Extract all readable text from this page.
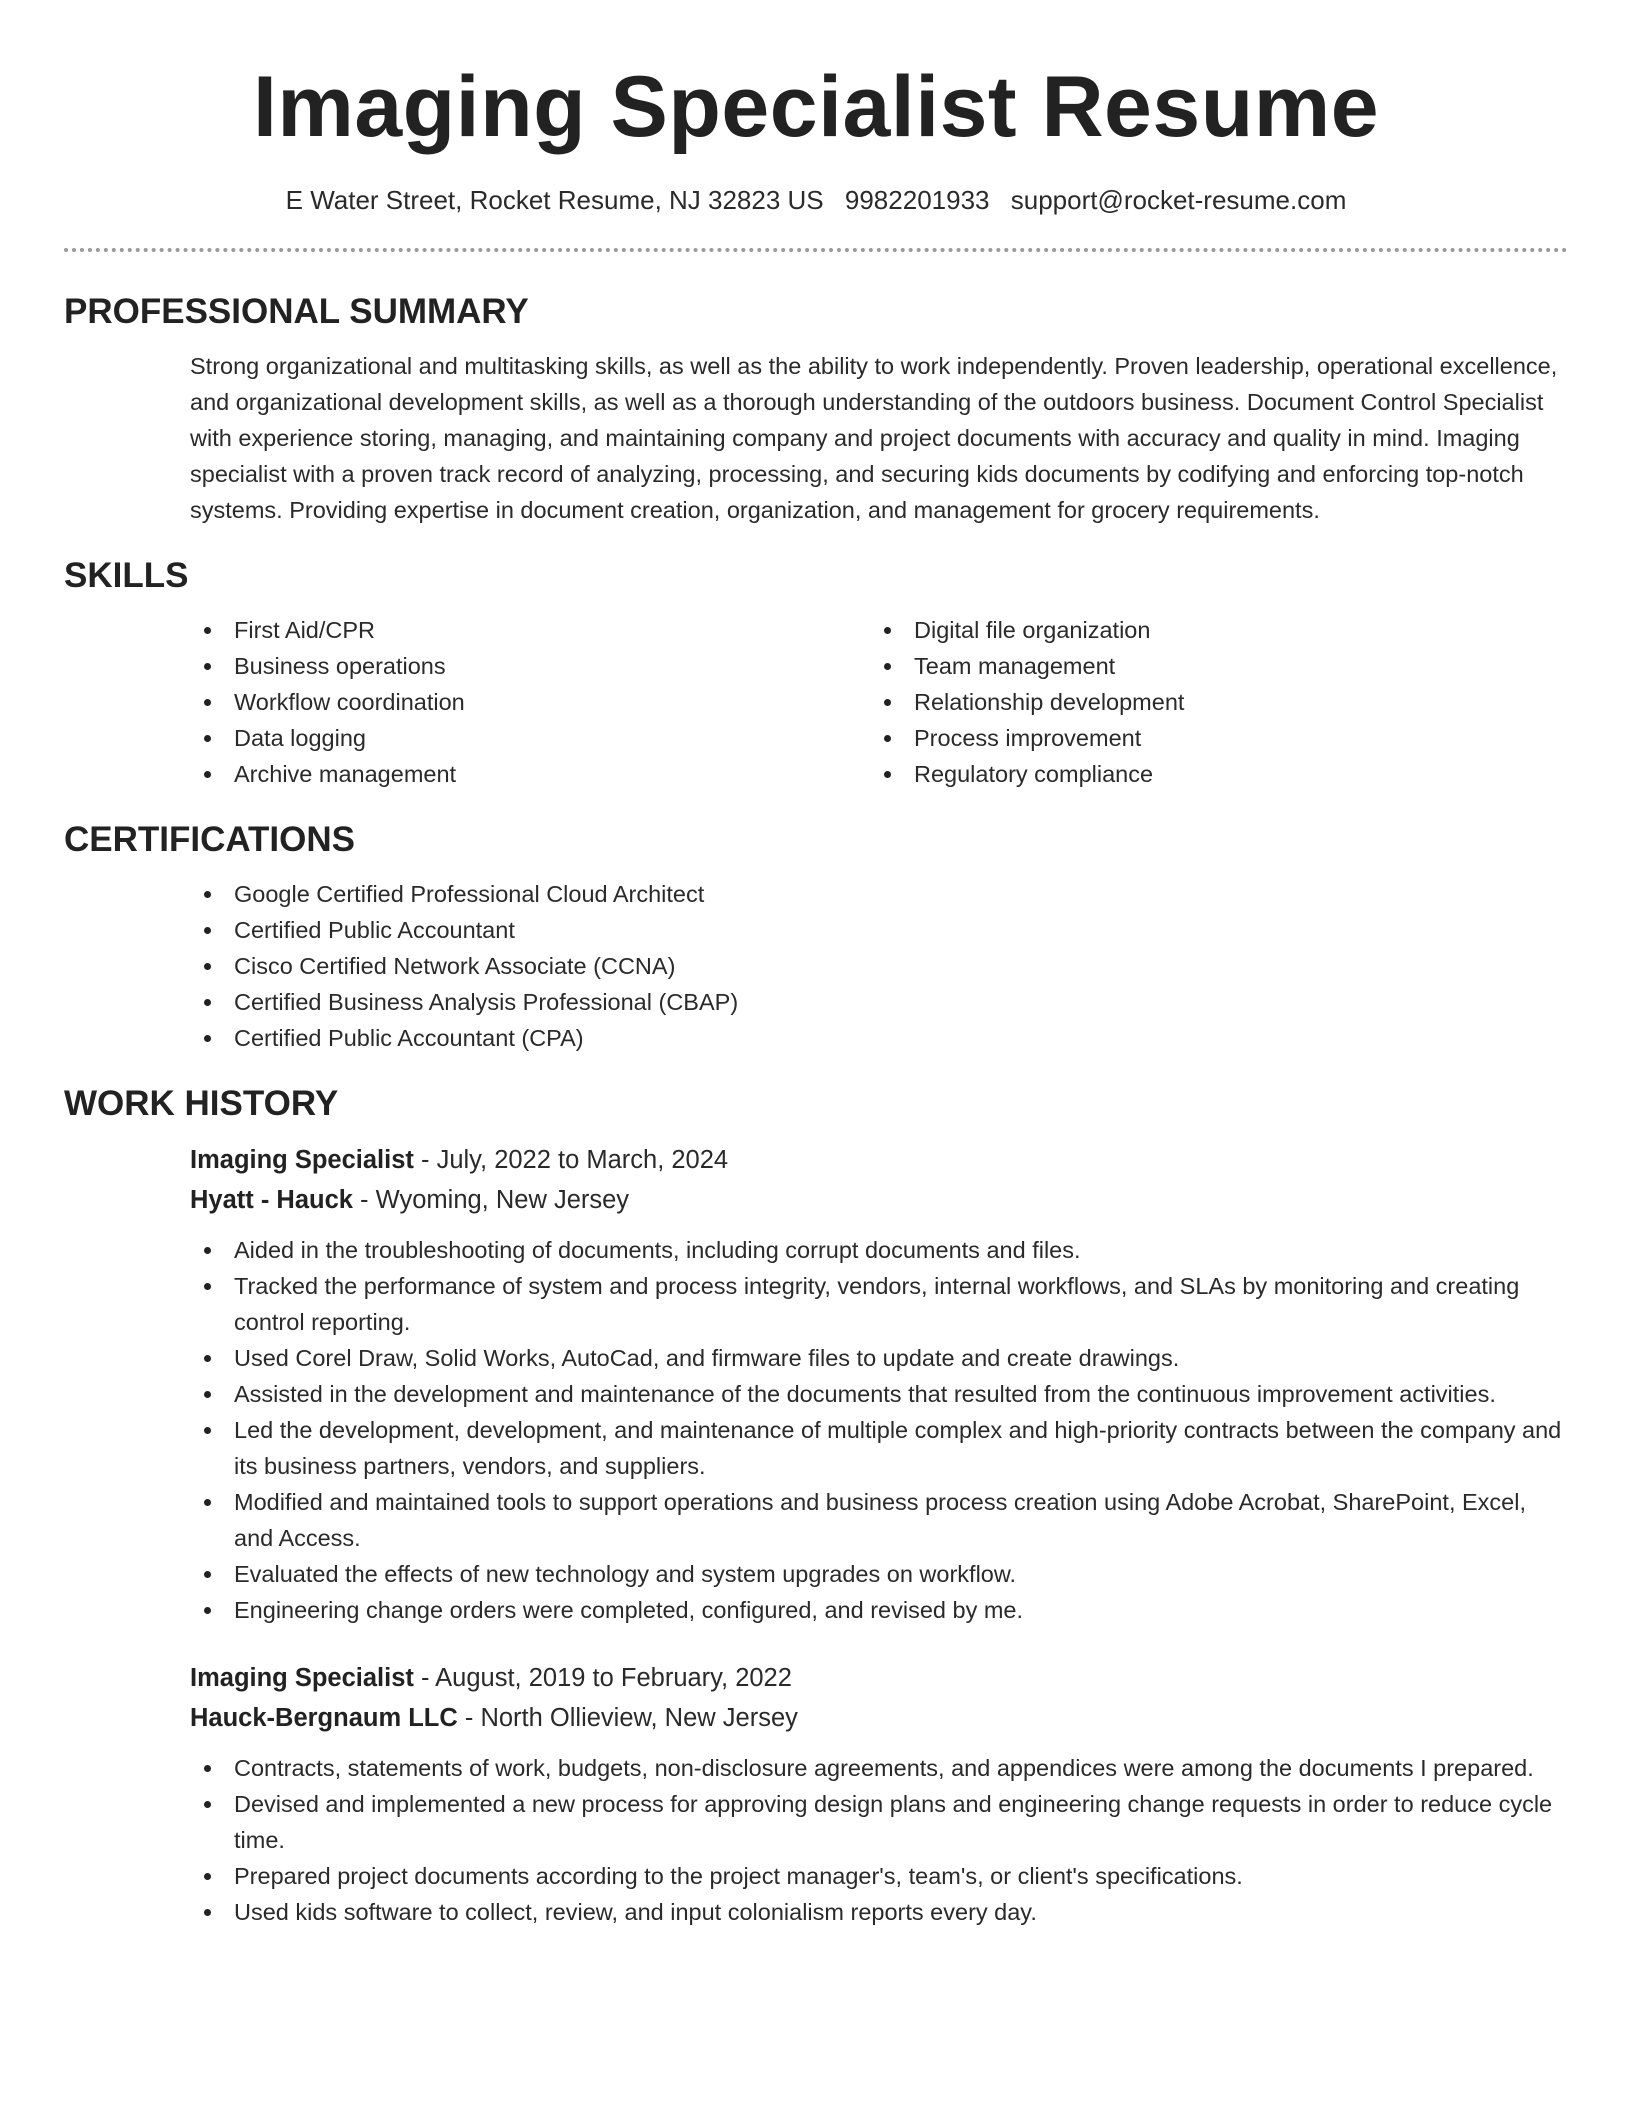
Imaging Specialist Resume
E Water Street, Rocket Resume, NJ 32823 US 9982201933 support@rocket-resume.com
PROFESSIONAL SUMMARY

Strong organizational and multitasking skills, as well as the ability to work independently. Proven leadership, operational excellence, and organizational development skills, as well as a thorough understanding of the outdoors business. Document Control Specialist with experience storing, managing, and maintaining company and project documents with accuracy and quality in mind. Imaging specialist with a proven track record of analyzing, processing, and securing kids documents by codifying and enforcing top-notch systems. Providing expertise in document creation, organization, and management for grocery requirements.

SKILLS
First Aid/CPR
Business operations
Workflow coordination
Data logging
Archive management
Digital file organization
Team management
Relationship development
Process improvement
Regulatory compliance
CERTIFICATIONS
Google Certified Professional Cloud Architect
Certified Public Accountant
Cisco Certified Network Associate (CCNA)
Certified Business Analysis Professional (CBAP)
Certified Public Accountant (CPA)
WORK HISTORY
Imaging Specialist - July, 2022 to March, 2024
Hyatt - Hauck - Wyoming, New Jersey
Aided in the troubleshooting of documents, including corrupt documents and files.
Tracked the performance of system and process integrity, vendors, internal workflows, and SLAs by monitoring and creating control reporting.
Used Corel Draw, Solid Works, AutoCad, and firmware files to update and create drawings.
Assisted in the development and maintenance of the documents that resulted from the continuous improvement activities.
Led the development, development, and maintenance of multiple complex and high-priority contracts between the company and its business partners, vendors, and suppliers.
Modified and maintained tools to support operations and business process creation using Adobe Acrobat, SharePoint, Excel, and Access.
Evaluated the effects of new technology and system upgrades on workflow.
Engineering change orders were completed, configured, and revised by me.
Imaging Specialist - August, 2019 to February, 2022
Hauck-Bergnaum LLC - North Ollieview, New Jersey
Contracts, statements of work, budgets, non-disclosure agreements, and appendices were among the documents I prepared.
Devised and implemented a new process for approving design plans and engineering change requests in order to reduce cycle time.
Prepared project documents according to the project manager's, team's, or client's specifications.
Used kids software to collect, review, and input colonialism reports every day.
